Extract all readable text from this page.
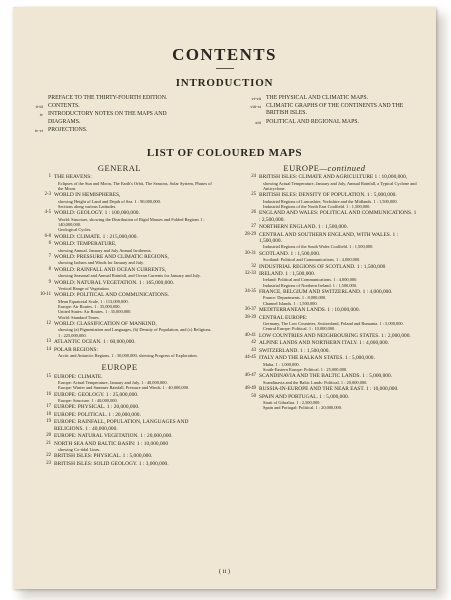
CONTENTS
INTRODUCTION
PREFACE TO THE THIRTY-FOURTH EDITION.
ii-iii CONTENTS.
iv INTRODUCTORY NOTES ON THE MAPS AND DIAGRAMS.
iv-vi PROJECTIONS.
vi-vii THE PHYSICAL AND CLIMATIC MAPS.
viii-xi CLIMATIC GRAPHS OF THE CONTINENTS AND THE BRITISH ISLES.
xiii POLITICAL AND REGIONAL MAPS.
LIST OF COLOURED MAPS
GENERAL
1 THE HEAVENS:
Eclipses of the Sun and Moon, The Earth's Orbit, The Seasons, Solar System, Phases of the Moon.
2-3 WORLD IN HEMISPHERES,
showing Height of Land and Depth of Sea. 1 : 90,000,000.
Sections along various Latitudes.
4-5 WORLD: GEOLOGY. 1 : 100,000,000.
World: Structure, showing the Distribution of Rigid Masses and Folded Regions 1 : 140,000,000.
Geological Cycles.
6-8 WORLD: CLIMATE. 1 : 215,000,000.
6 WORLD: TEMPERATURE,
showing Annual, January and July Annual Isotherms.
7 WORLD: PRESSURE AND CLIMATIC REGIONS,
showing Isobars and Winds for January and July.
8 WORLD: RAINFALL AND OCEAN CURRENTS,
showing Seasonal and Annual Rainfall, and Ocean Currents for January and July.
9 WORLD: NATURAL VEGETATION. 1 : 165,000,000.
Vertical Range of Vegetation.
10-11 WORLD: POLITICAL AND COMMUNICATIONS.
Mean Equatorial Scale, 1 : 113,000,000.
Europe: Air Routes. 1 : 35,000,000.
United States: Air Routes. 1 : 35,000,000.
World: Standard Times.
12 WORLD: CLASSIFICATION OF MANKIND,
showing (a) Pigmentation and Languages, (b) Density of Population, and (c) Religions. 1 : 225,000,000.
13 ATLANTIC OCEAN. 1 : 60,000,000.
14 POLAR REGIONS:
Arctic and Antarctic Regions. 1 : 30,000,000, showing Progress of Exploration.
EUROPE
15 EUROPE: CLIMATE.
Europe: Actual Temperature, January and July. 1 : 40,000,000.
Europe: Winter and Summer Rainfall, Pressure and Winds. 1 : 40,000,000.
16 EUROPE: GEOLOGY. 1 : 25,000,000.
Europe: Structure. 1 : 40,000,000.
17 EUROPE: PHYSICAL. 1 : 20,000,000.
18 EUROPE: POLITICAL. 1 : 20,000,000.
19 EUROPE: RAINFALL, POPULATION, LANGUAGES AND RELIGIONS. 1 : 40,000,000.
20 EUROPE: NATURAL VEGETATION. 1 : 20,000,000.
21 NORTH SEA AND BALTIC BASIN: 1 : 10,000,000
showing Co-tidal Lines.
22 BRITISH ISLES: PHYSICAL. 1 : 5,000,000.
23 BRITISH ISLES: SOLID GEOLOGY. 1 : 3,000,000.
EUROPE—continued
24 BRITISH ISLES: CLIMATE AND AGRICULTURE 1 : 10,000,000,
showing Actual Temperature, January and July, Annual Rainfall, a Typical Cyclone and Anticyclone.
25 BRITISH ISLES: DENSITY OF POPULATION. 1 : 5,000,000.
Industrial Regions of Lancashire, Yorkshire and the Midlands. 1 : 1,500,000.
Industrial Regions of the North East Coalfield. 1 : 1,500,000.
26 ENGLAND AND WALES: POLITICAL AND COMMUNICATIONS. 1 : 2,500,000.
27 NORTHERN ENGLAND. 1 : 1,500,000.
28-29 CENTRAL AND SOUTHERN ENGLAND, WITH WALES. 1 : 1,500,000.
Industrial Regions of the South Wales Coalfield. 1 : 1,500,000.
30-31 SCOTLAND. 1 : 1,500,000.
Scotland: Political and Communications. 1 : 4,000,000.
32 INDUSTRIAL REGIONS OF SCOTLAND. 1 : 1,500,000
32-33 IRELAND. 1 : 1,500,000.
Ireland: Political and Communications. 1 : 4,000,000.
Industrial Regions of Northern Ireland. 1 : 1,500,000.
34-35 FRANCE, BELGIUM AND SWITZERLAND. 1 : 4,000,000.
France: Departments. 1 : 8,000,000.
Channel Islands. 1 : 1,500,000.
36-37 MEDITERRANEAN LANDS. 1 : 10,000,000.
38-39 CENTRAL EUROPE:
Germany, The Low Countries, Switzerland, Poland and Rumania. 1 : 5,000,000.
Central Europe: Political. 1 : 10,000,000.
40-41 LOW COUNTRIES AND NEIGHBOURING STATES. 1 : 2,000,000.
42 ALPINE LANDS AND NORTHERN ITALY. 1 : 4,000,000.
43 SWITZERLAND. 1 : 1,500,000.
44-45 ITALY AND THE BALKAN STATES. 1 : 5,000,000.
Malta. 1 : 1,000,000.
South-Eastern Europe: Political. 1 : 25,000,000.
46-47 SCANDINAVIA AND THE BALTIC LANDS. 1 : 5,000,000.
Scandinavia and the Baltic Lands: Political. 1 : 20,000,000.
48-49 RUSSIA-IN-EUROPE AND THE NEAR EAST. 1 : 10,000,000.
50 SPAIN AND PORTUGAL. 1 : 5,000,000.
Strait of Gibraltar. 1 : 2,500,000.
Spain and Portugal: Political. 1 : 20,000,000.
( ii )
